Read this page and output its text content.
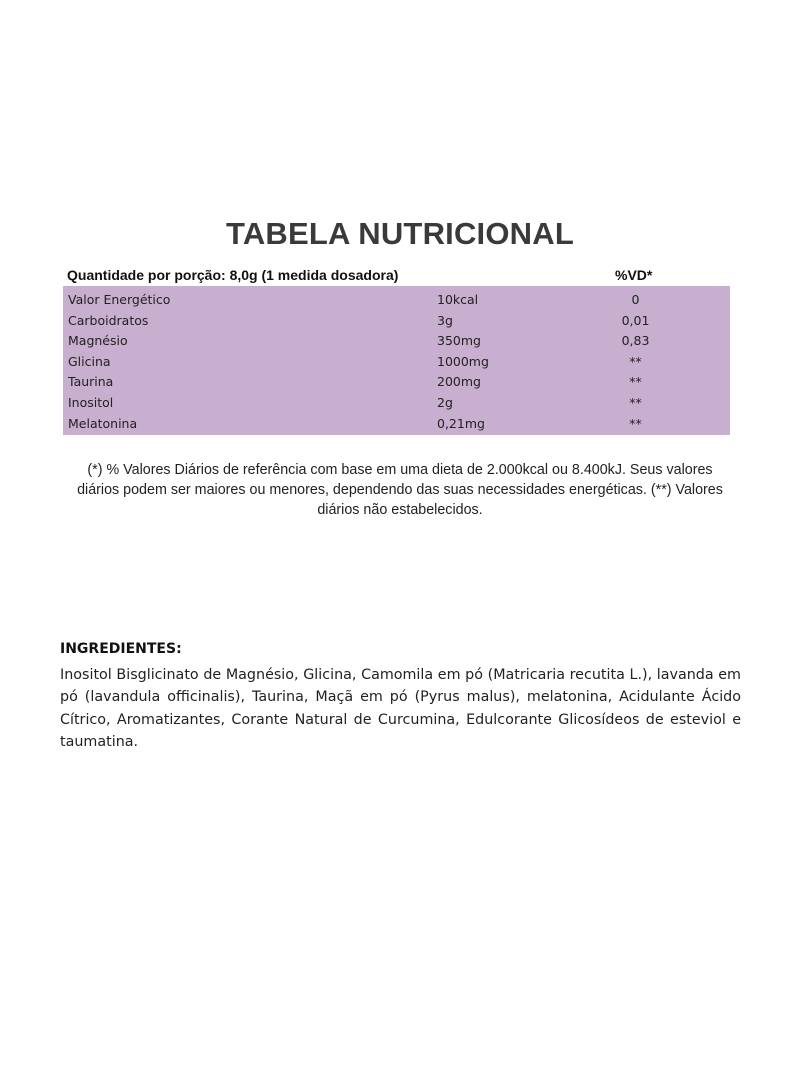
TABELA NUTRICIONAL
Quantidade por porção: 8,0g (1 medida dosadora)	%VD*
Valor Energético	10kcal	0
Carboidratos	3g	0,01
Magnésio	350mg	0,83
Glicina	1000mg	**
Taurina	200mg	**
Inositol	2g	**
Melatonina	0,21mg	**

(*) % Valores Diários de referência com base em uma dieta de 2.000kcal ou 8.400kJ. Seus valores diários podem ser maiores ou menores, dependendo das suas necessidades energéticas. (**) Valores diários não estabelecidos.

INGREDIENTES:

Inositol Bisglicinato de Magnésio, Glicina, Camomila em pó (Matricaria recutita L.), lavanda em pó (lavandula officinalis), Taurina, Maçã em pó (Pyrus malus), melatonina, Acidulante Ácido Cítrico, Aromatizantes, Corante Natural de Curcumina, Edulcorante Glicosídeos de esteviol e taumatina.
